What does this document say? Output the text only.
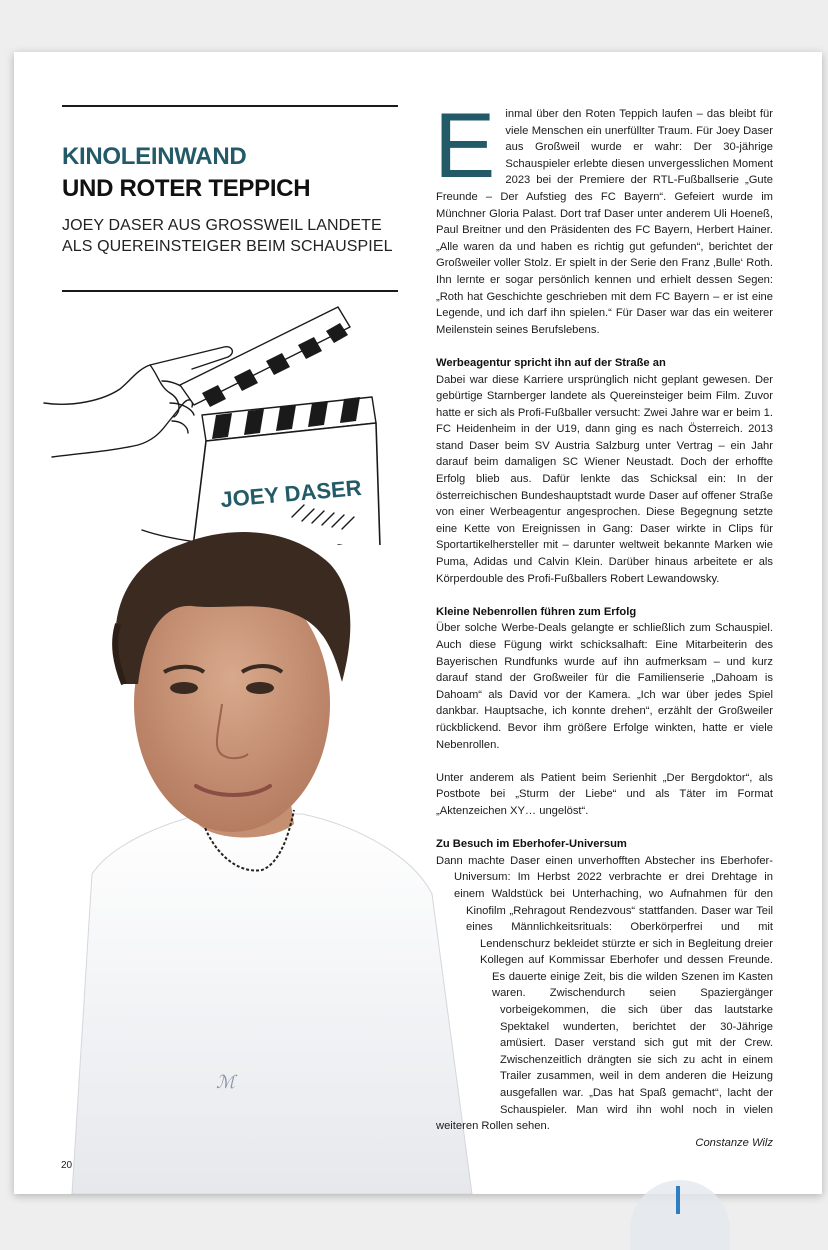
KINOLEINWAND
UND ROTER TEPPICH

JOEY DASER AUS GROSSWEIL LANDETE ALS QUEREINSTEIGER BEIM SCHAUSPIEL

JOEY DASER
ℳ
20
E inmal über den Roten Teppich laufen – das bleibt für viele Menschen ein unerfüllter Traum. Für Joey Daser aus Großweil wurde er wahr: Der 30-jährige Schauspieler erlebte diesen unvergesslichen Moment 2023 bei der Premiere der RTL-Fußballserie „Gute Freunde – Der Aufstieg des FC Bayern“. Gefeiert wurde im Münchner Gloria Palast. Dort traf Daser unter anderem Uli Hoeneß, Paul Breitner und den Präsidenten des FC Bayern, Herbert Hainer. „Alle waren da und haben es richtig gut gefunden“, berichtet der Großweiler voller Stolz. Er spielt in der Serie den Franz ‚Bulle‘ Roth. Ihn lernte er sogar persönlich kennen und erhielt dessen Segen: „Roth hat Geschichte geschrieben mit dem FC Bayern – er ist eine Legende, und ich darf ihn spielen.“ Für Daser war das ein weiterer Meilenstein seines Berufslebens.

Werbeagentur spricht ihn auf der Straße an

Dabei war diese Karriere ursprünglich nicht geplant gewesen. Der gebürtige Starnberger landete als Quereinsteiger beim Film. Zuvor hatte er sich als Profi-Fußballer versucht: Zwei Jahre war er beim 1. FC Heidenheim in der U19, dann ging es nach Österreich. 2013 stand Daser beim SV Austria Salzburg unter Vertrag – ein Jahr darauf beim damaligen SC Wiener Neustadt. Doch der erhoffte Erfolg blieb aus. Dafür lenkte das Schicksal ein: In der österreichischen Bundeshauptstadt wurde Daser auf offener Straße von einer Werbeagentur angesprochen. Diese Begegnung setzte eine Kette von Ereignissen in Gang: Daser wirkte in Clips für Sportartikelhersteller mit – darunter weltweit bekannte Marken wie Puma, Adidas und Calvin Klein. Darüber hinaus arbeitete er als Körperdouble des Profi-Fußballers Robert Lewandowsky.

Kleine Nebenrollen führen zum Erfolg

Über solche Werbe-Deals gelangte er schließlich zum Schauspiel. Auch diese Fügung wirkt schicksalhaft: Eine Mitarbeiterin des Bayerischen Rundfunks wurde auf ihn aufmerksam – und kurz darauf stand der Großweiler für die Familienserie „Dahoam is Dahoam“ als David vor der Kamera. „Ich war über jedes Spiel dankbar. Hauptsache, ich konnte drehen“, erzählt der Großweiler rückblickend. Bevor ihm größere Erfolge winkten, hatte er viele Nebenrollen.

Unter anderem als Patient beim Serienhit „Der Bergdoktor“, als Postbote bei „Sturm der Liebe“ und als Täter im Format „Aktenzeichen XY… ungelöst“.

Zu Besuch im Eberhofer-Universum

Dann machte Daser einen unverhofften Abstecher ins Eberhofer-Universum: Im Herbst 2022 verbrachte er drei Drehtage in einem Waldstück bei Unterhaching, wo Aufnahmen für den Kinofilm „Rehragout Rendezvous“ stattfanden. Daser war Teil eines Männlichkeitsrituals: Oberkörperfrei und mit Lendenschurz bekleidet stürzte er sich in Begleitung dreier Kollegen auf Kommissar Eberhofer und dessen Freunde. Es dauerte einige Zeit, bis die wilden Szenen im Kasten waren. Zwischendurch seien Spaziergänger vorbeigekommen, die sich über das lautstarke Spektakel wunderten, berichtet der 30-Jährige amüsiert. Daser verstand sich gut mit der Crew. Zwischenzeitlich drängten sie sich zu acht in einem Trailer zusammen, weil in dem anderen die Heizung ausgefallen war. „Das hat Spaß gemacht“, lacht der Schauspieler. Man wird ihn wohl noch in vielen weiteren Rollen sehen.

Constanze Wilz
